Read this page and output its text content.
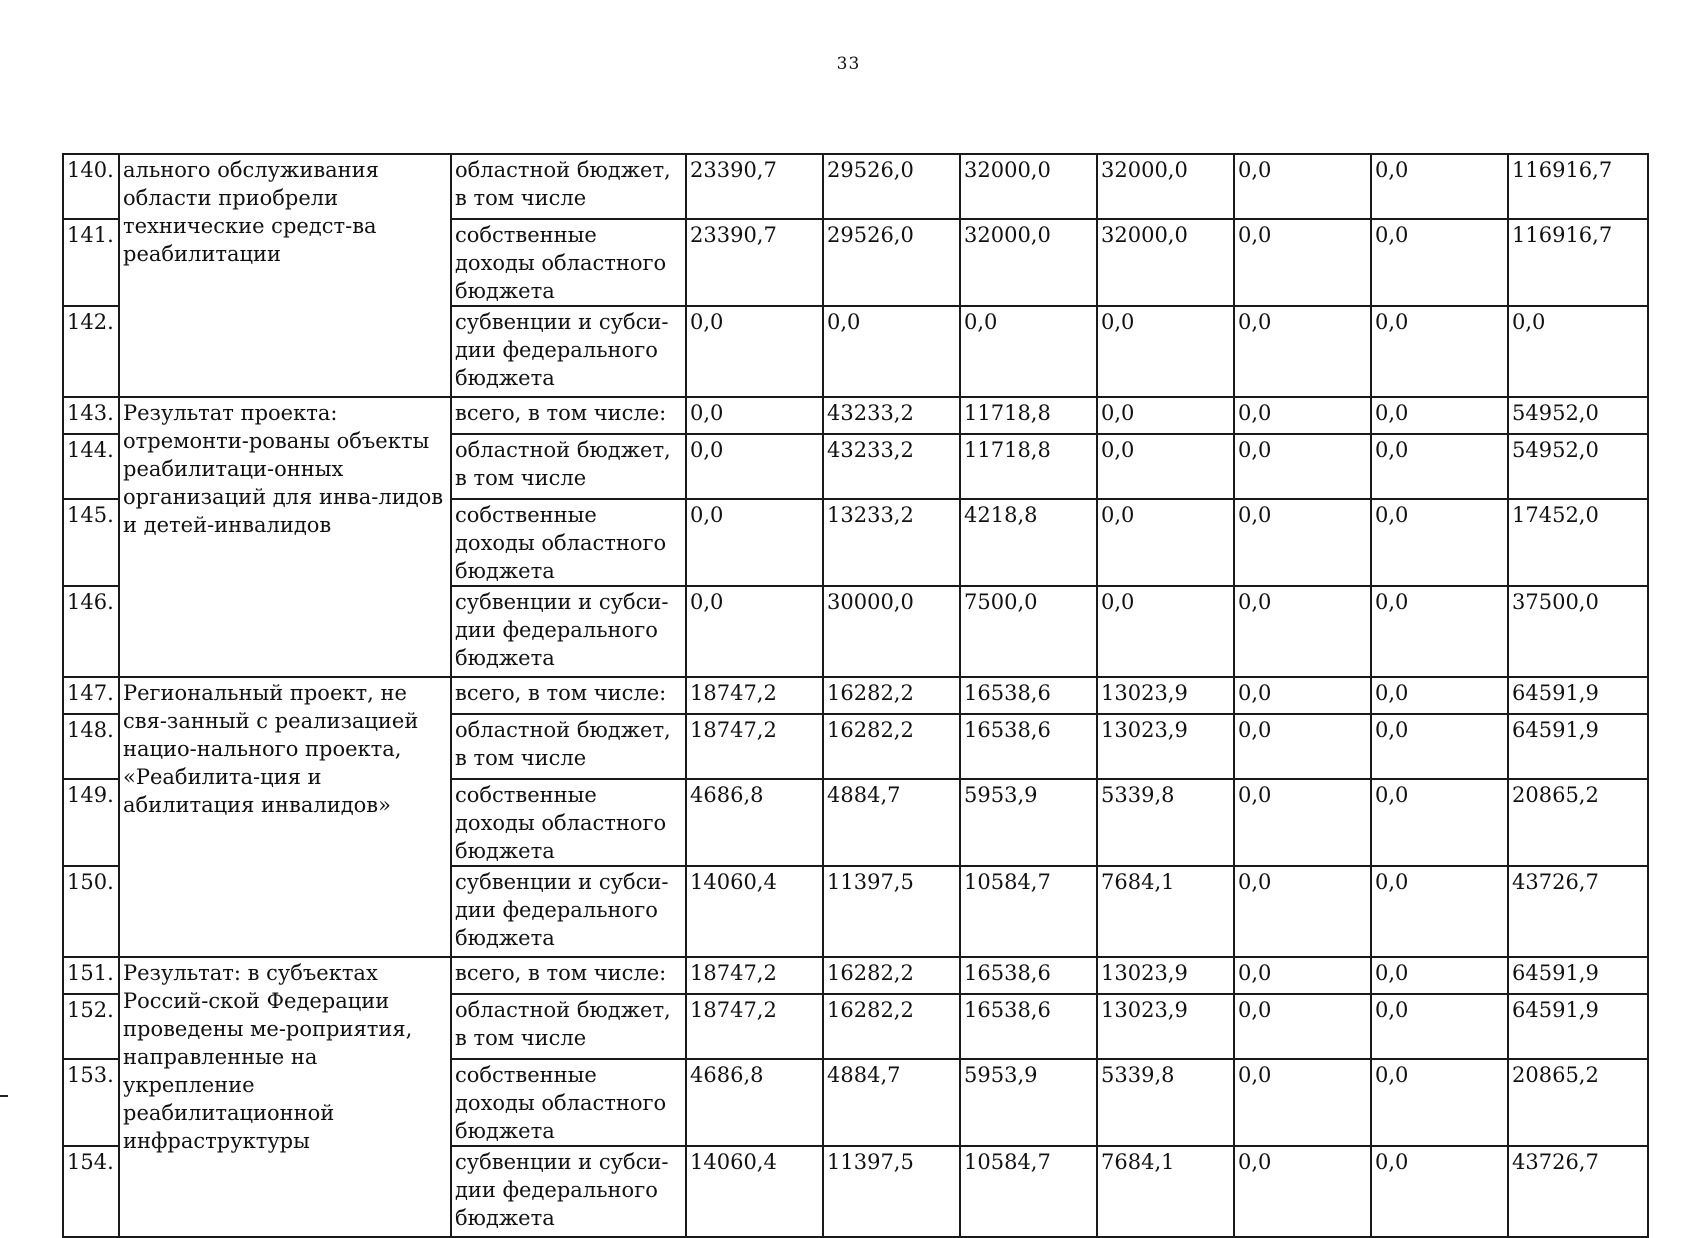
33
140.	ального обслуживания области приобрели технические средст-ва реабилитации	областной бюджет, в том числе	23390,7	29526,0	32000,0	32000,0	0,0	0,0	116916,7
141.		собственные доходы областного бюджета	23390,7	29526,0	32000,0	32000,0	0,0	0,0	116916,7
142.		субвенции и субси-дии федерального бюджета	0,0	0,0	0,0	0,0	0,0	0,0	0,0
143.	Результат проекта: отремонти-рованы объекты реабилитаци-онных организаций для инва-лидов и детей-инвалидов	всего, в том числе:	0,0	43233,2	11718,8	0,0	0,0	0,0	54952,0
144.		областной бюджет, в том числе	0,0	43233,2	11718,8	0,0	0,0	0,0	54952,0
145.		собственные доходы областного бюджета	0,0	13233,2	4218,8	0,0	0,0	0,0	17452,0
146.		субвенции и субси-дии федерального бюджета	0,0	30000,0	7500,0	0,0	0,0	0,0	37500,0
147.	Региональный проект, не свя-занный с реализацией нацио-нального проекта, «Реабилита-ция и абилитация инвалидов»	всего, в том числе:	18747,2	16282,2	16538,6	13023,9	0,0	0,0	64591,9
148.		областной бюджет, в том числе	18747,2	16282,2	16538,6	13023,9	0,0	0,0	64591,9
149.		собственные доходы областного бюджета	4686,8	4884,7	5953,9	5339,8	0,0	0,0	20865,2
150.		субвенции и субси-дии федерального бюджета	14060,4	11397,5	10584,7	7684,1	0,0	0,0	43726,7
151.	Результат: в субъектах Россий-ской Федерации проведены ме-роприятия, направленные на укрепление реабилитационной инфраструктуры	всего, в том числе:	18747,2	16282,2	16538,6	13023,9	0,0	0,0	64591,9
152.		областной бюджет, в том числе	18747,2	16282,2	16538,6	13023,9	0,0	0,0	64591,9
153.		собственные доходы областного бюджета	4686,8	4884,7	5953,9	5339,8	0,0	0,0	20865,2
154.		субвенции и субси-дии федерального бюджета	14060,4	11397,5	10584,7	7684,1	0,0	0,0	43726,7
